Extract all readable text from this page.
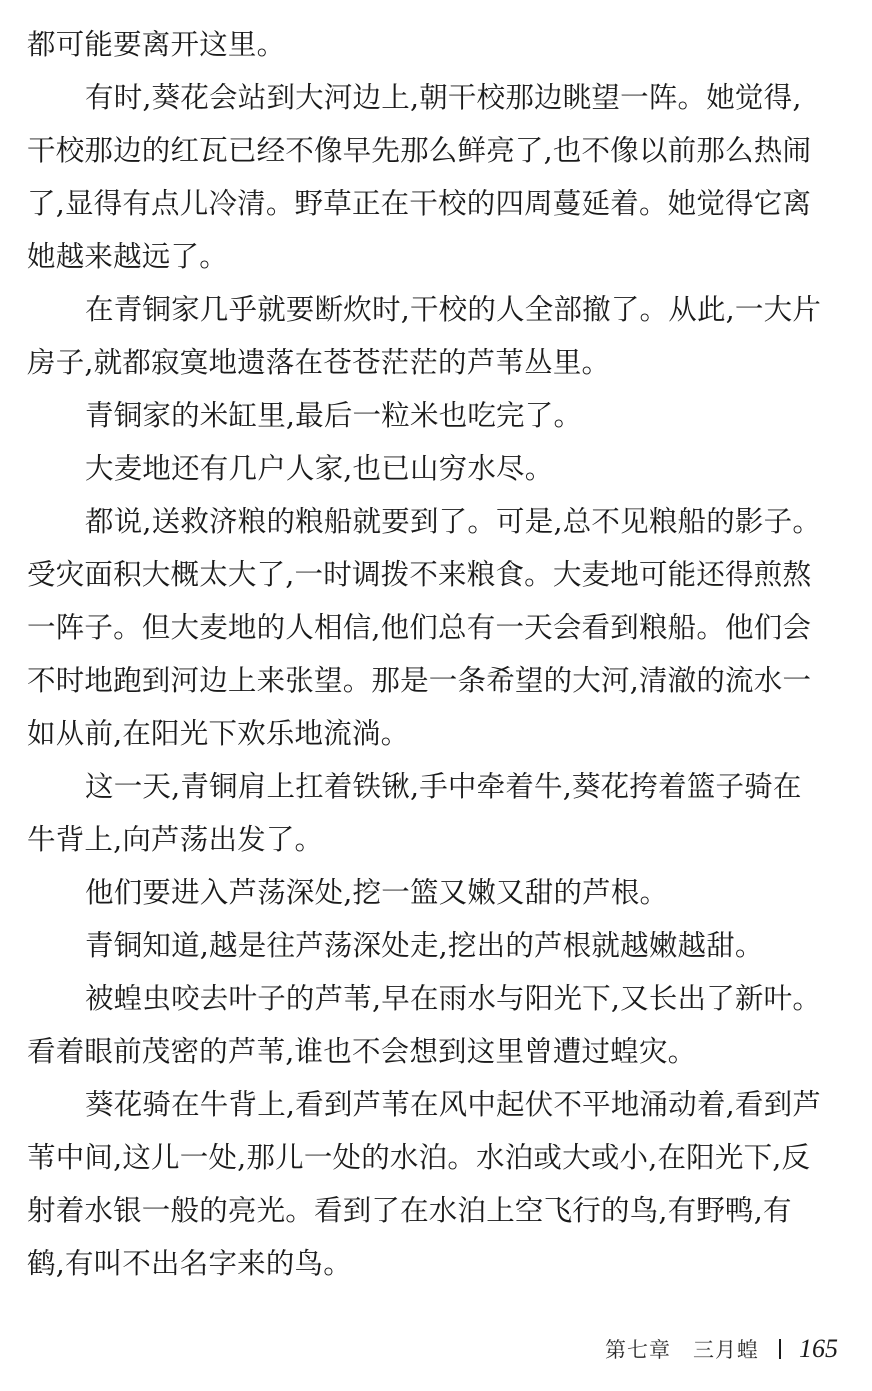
都可能要离开这里。
有时,葵花会站到大河边上,朝干校那边眺望一阵。她觉得,
干校那边的红瓦已经不像早先那么鲜亮了,也不像以前那么热闹
了,显得有点儿冷清。野草正在干校的四周蔓延着。她觉得它离
她越来越远了。
在青铜家几乎就要断炊时,干校的人全部撤了。从此,一大片
房子,就都寂寞地遗落在苍苍茫茫的芦苇丛里。
青铜家的米缸里,最后一粒米也吃完了。
大麦地还有几户人家,也已山穷水尽。
都说,送救济粮的粮船就要到了。可是,总不见粮船的影子。
受灾面积大概太大了,一时调拨不来粮食。大麦地可能还得煎熬
一阵子。但大麦地的人相信,他们总有一天会看到粮船。他们会
不时地跑到河边上来张望。那是一条希望的大河,清澈的流水一
如从前,在阳光下欢乐地流淌。
这一天,青铜肩上扛着铁锹,手中牵着牛,葵花挎着篮子骑在
牛背上,向芦荡出发了。
他们要进入芦荡深处,挖一篮又嫩又甜的芦根。
青铜知道,越是往芦荡深处走,挖出的芦根就越嫩越甜。
被蝗虫咬去叶子的芦苇,早在雨水与阳光下,又长出了新叶。
看着眼前茂密的芦苇,谁也不会想到这里曾遭过蝗灾。
葵花骑在牛背上,看到芦苇在风中起伏不平地涌动着,看到芦
苇中间,这儿一处,那儿一处的水泊。水泊或大或小,在阳光下,反
射着水银一般的亮光。看到了在水泊上空飞行的鸟,有野鸭,有
鹤,有叫不出名字来的鸟。
第七章 三月蝗 165
